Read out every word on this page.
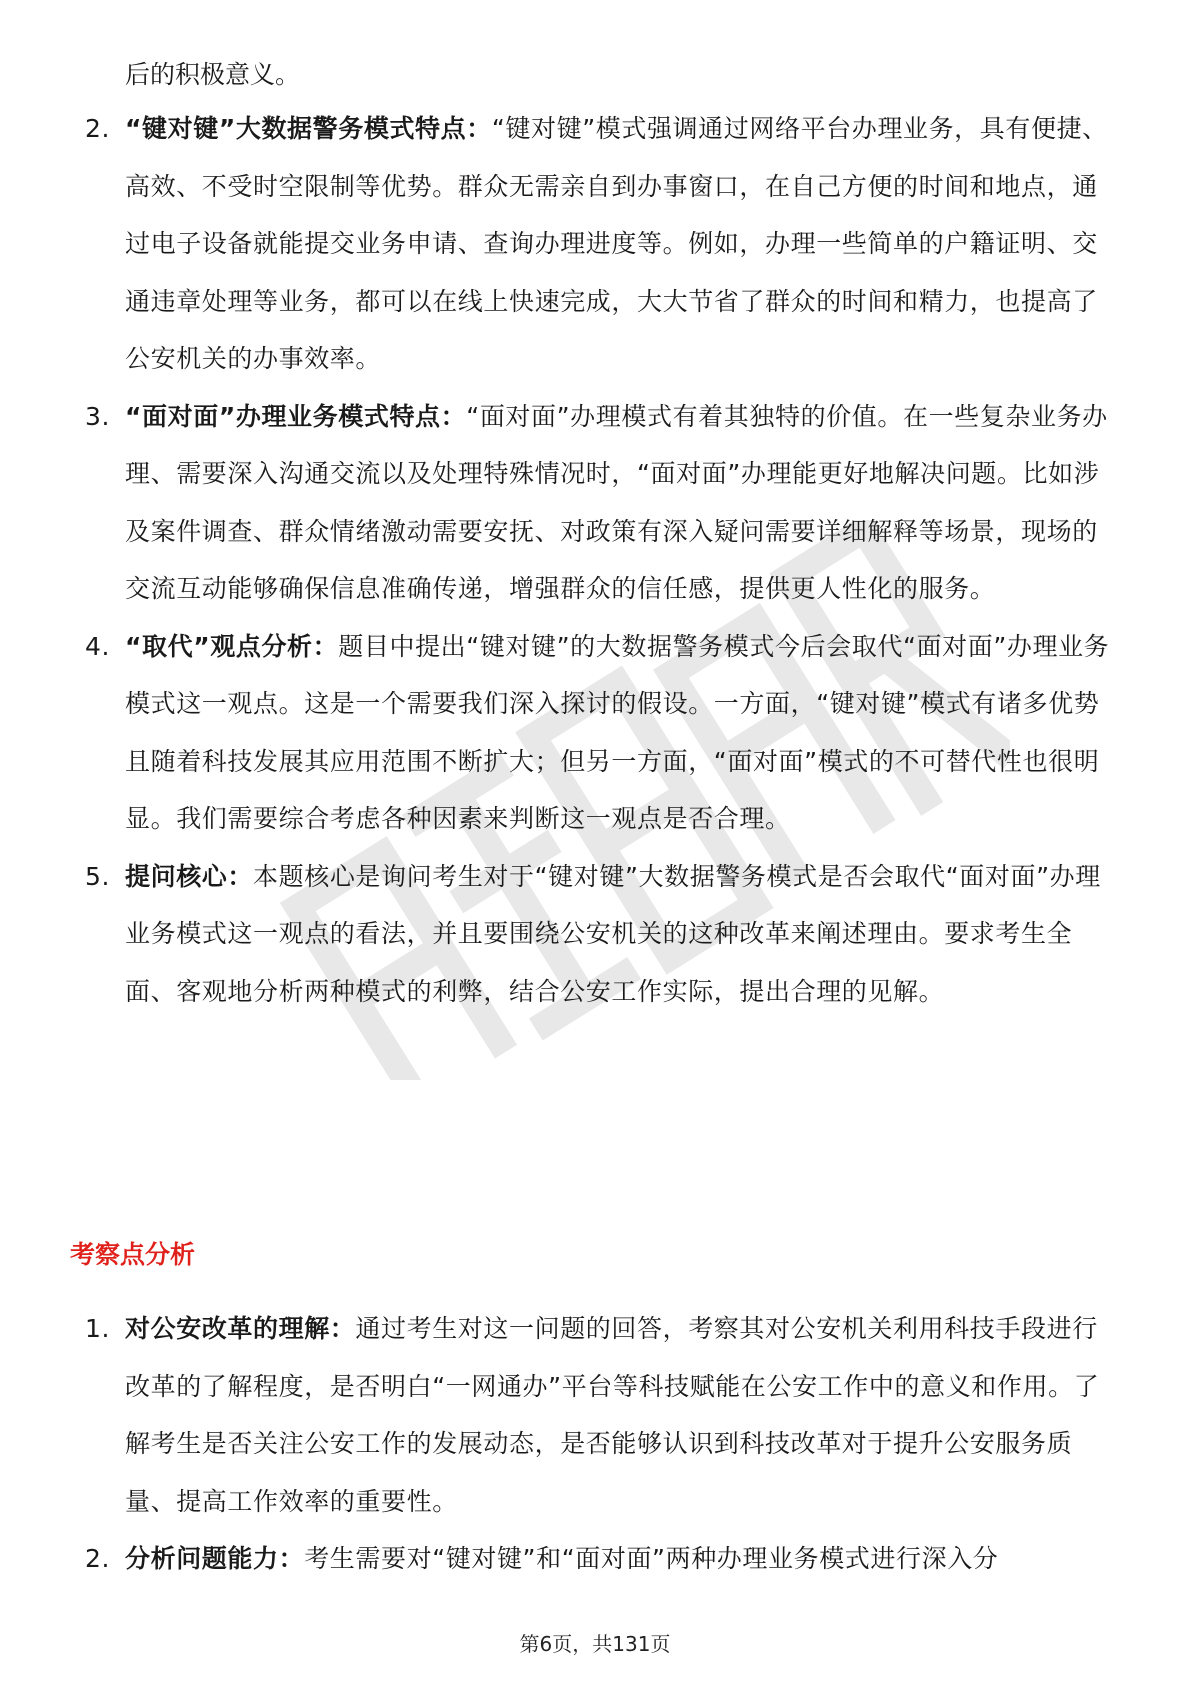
后的积极意义。
2. “键对键”大数据警务模式特点：“键对键”模式强调通过网络平台办理业务，具有便捷、高效、不受时空限制等优势。群众无需亲自到办事窗口，在自己方便的时间和地点，通过电子设备就能提交业务申请、查询办理进度等。例如，办理一些简单的户籍证明、交通违章处理等业务，都可以在线上快速完成，大大节省了群众的时间和精力，也提高了公安机关的办事效率。
3. “面对面”办理业务模式特点：“面对面”办理模式有着其独特的价值。在一些复杂业务办理、需要深入沟通交流以及处理特殊情况时，“面对面”办理能更好地解决问题。比如涉及案件调查、群众情绪激动需要安抚、对政策有深入疑问需要详细解释等场景，现场的交流互动能够确保信息准确传递，增强群众的信任感，提供更人性化的服务。
4. “取代”观点分析：题目中提出“键对键”的大数据警务模式今后会取代“面对面”办理业务模式这一观点。这是一个需要我们深入探讨的假设。一方面，“键对键”模式有诸多优势且随着科技发展其应用范围不断扩大；但另一方面，“面对面”模式的不可替代性也很明显。我们需要综合考虑各种因素来判断这一观点是否合理。
5. 提问核心：本题核心是询问考生对于“键对键”大数据警务模式是否会取代“面对面”办理业务模式这一观点的看法，并且要围绕公安机关的这种改革来阐述理由。要求考生全面、客观地分析两种模式的利弊，结合公安工作实际，提出合理的见解。
考察点分析
1. 对公安改革的理解：通过考生对这一问题的回答，考察其对公安机关利用科技手段进行改革的了解程度，是否明白“一网通办”平台等科技赋能在公安工作中的意义和作用。了解考生是否关注公安工作的发展动态，是否能够认识到科技改革对于提升公安服务质量、提高工作效率的重要性。
2. 分析问题能力：考生需要对“键对键”和“面对面”两种办理业务模式进行深入分
第6页，共131页
